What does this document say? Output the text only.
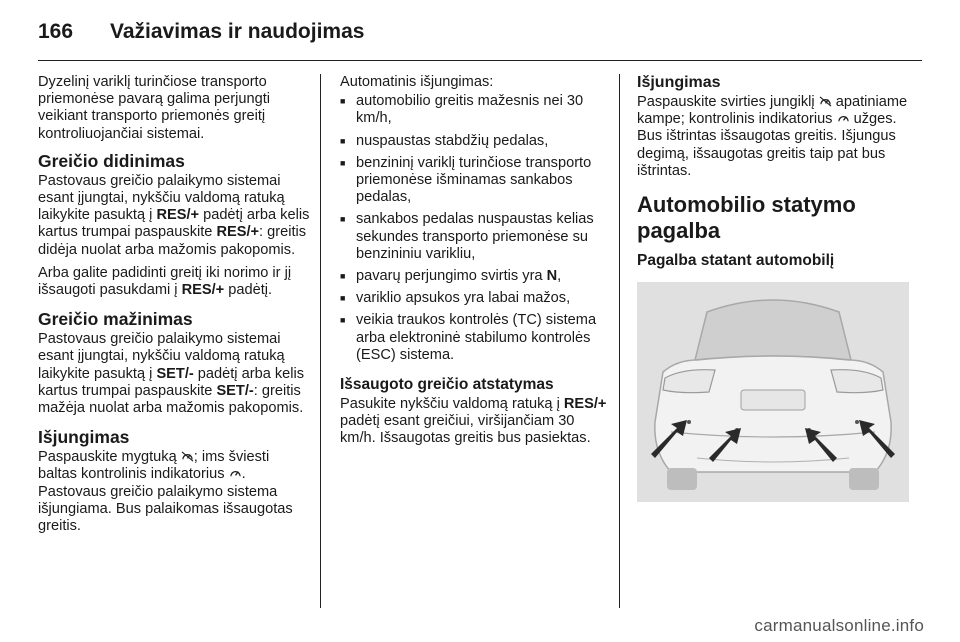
166	Važiavimas ir naudojimas

Dyzelinį variklį turinčiose transporto priemonėse pavarą galima perjungti veikiant transporto priemonės greitį kontroliuojančiai sistemai.

Greičio didinimas

Pastovaus greičio palaikymo sistemai esant įjungtai, nykščiu valdomą ratuką laikykite pasuktą į RES/+ padėtį arba kelis kartus trumpai paspauskite RES/+: greitis didėja nuolat arba mažomis pakopomis.

Arba galite padidinti greitį iki norimo ir jį išsaugoti pasukdami į RES/+ padėtį.

Greičio mažinimas

Pastovaus greičio palaikymo sistemai esant įjungtai, nykščiu valdomą ratuką laikykite pasuktą į SET/- padėtį arba kelis kartus trumpai paspauskite SET/-: greitis mažėja nuolat arba mažomis pakopomis.

Išjungimas

Paspauskite mygtuką ; ims šviesti baltas kontrolinis indikatorius . Pastovaus greičio palaikymo sistema išjungiama. Bus palaikomas išsaugotas greitis.

Automatinis išjungimas:

■ automobilio greitis mažesnis nei 30 km/h,
■ nuspaustas stabdžių pedalas,
■ benzininį variklį turinčiose transporto priemonėse išminamas sankabos pedalas,
■ sankabos pedalas nuspaustas kelias sekundes transporto priemonėse su benzininiu varikliu,
■ pavarų perjungimo svirtis yra N,
■ variklio apsukos yra labai mažos,
■ veikia traukos kontrolės (TC) sistema arba elektroninė stabilumo kontrolės (ESC) sistema.
Išsaugoto greičio atstatymas

Pasukite nykščiu valdomą ratuką į RES/+ padėtį esant greičiui, viršijančiam 30 km/h. Išsaugotas greitis bus pasiektas.

Išjungimas

Paspauskite svirties jungiklį  apatiniame kampe; kontrolinis indikatorius  užges. Bus ištrintas išsaugotas greitis. Išjungus degimą, išsaugotas greitis taip pat bus ištrintas.

Automobilio statymo pagalba
Pagalba statant automobilį
carmanualsonline.info
